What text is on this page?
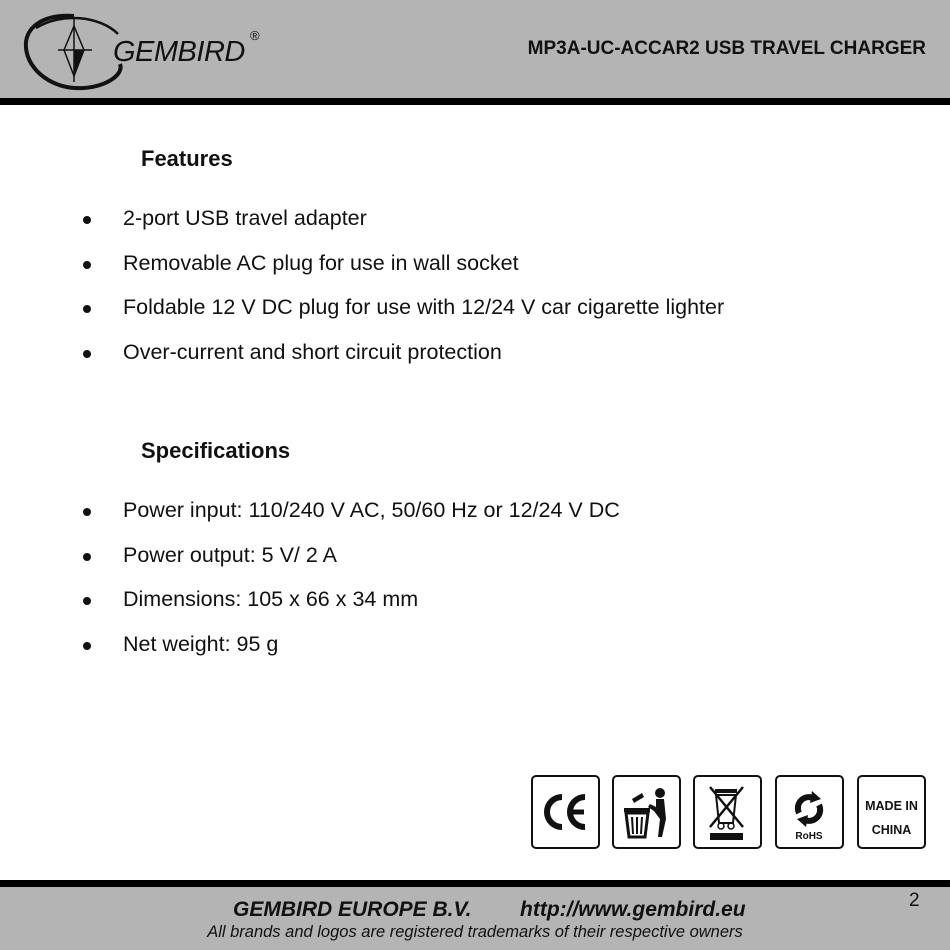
GEMBIRD
®
MP3A-UC-ACCAR2 USB TRAVEL CHARGER
Features
2-port USB travel adapter
Removable AC plug for use in wall socket
Foldable 12 V DC plug for use with 12/24 V car cigarette lighter
Over-current and short circuit protection
Specifications
Power input: 110/240 V AC, 50/60 Hz or 12/24 V DC
Power output: 5 V/ 2 A
Dimensions: 105 x 66 x 34 mm
Net weight: 95 g
RoHS
MADE IN
CHINA
GEMBIRD EUROPE B.V. http://www.gembird.eu	2
All brands and logos are registered trademarks of their respective owners
